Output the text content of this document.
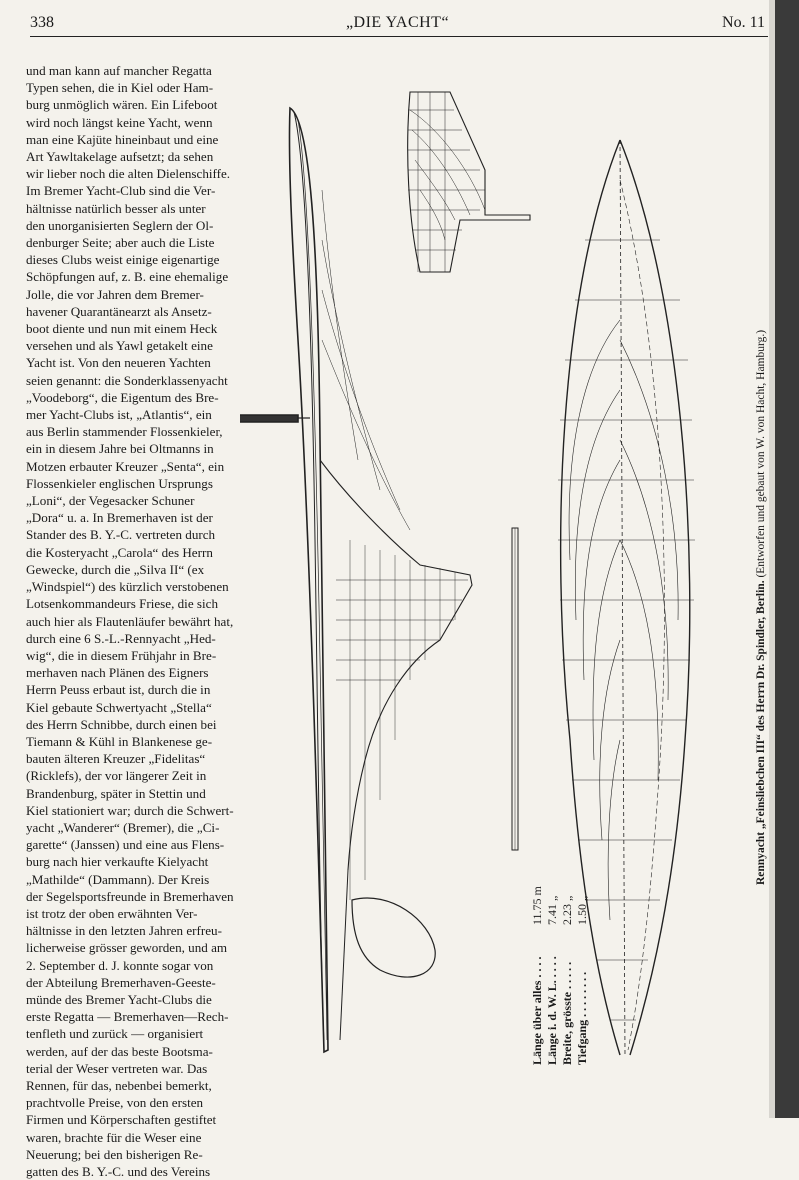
338	„DIE YACHT“	No. 11

und man kann auf mancher Regatta

Typen sehen, die in Kiel oder Ham-

burg unmöglich wären. Ein Lifeboot

wird noch längst keine Yacht, wenn

man eine Kajüte hineinbaut und eine

Art Yawltakelage aufsetzt; da sehen

wir lieber noch die alten Dielenschiffe.

Im Bremer Yacht-Club sind die Ver-

hältnisse natürlich besser als unter

den unorganisierten Seglern der Ol-

denburger Seite; aber auch die Liste

dieses Clubs weist einige eigenartige

Schöpfungen auf, z. B. eine ehemalige

Jolle, die vor Jahren dem Bremer-

havener Quarantänearzt als Ansetz-

boot diente und nun mit einem Heck

versehen und als Yawl getakelt eine

Yacht ist. Von den neueren Yachten

seien genannt: die Sonderklassenyacht

„Voodeborg“, die Eigentum des Bre-

mer Yacht-Clubs ist, „Atlantis“, ein

aus Berlin stammender Flossenkieler,

ein in diesem Jahre bei Oltmanns in

Motzen erbauter Kreuzer „Senta“, ein

Flossenkieler englischen Ursprungs

„Loni“, der Vegesacker Schuner

„Dora“ u. a. In Bremerhaven ist der

Stander des B. Y.-C. vertreten durch

die Kosteryacht „Carola“ des Herrn

Gewecke, durch die „Silva II“ (ex

„Windspiel“) des kürzlich verstobenen

Lotsenkommandeurs Friese, die sich

auch hier als Flautenläufer bewährt hat,

durch eine 6 S.-L.-Rennyacht „Hed-

wig“, die in diesem Frühjahr in Bre-

merhaven nach Plänen des Eigners

Herrn Peuss erbaut ist, durch die in

Kiel gebaute Schwertyacht „Stella“

des Herrn Schnibbe, durch einen bei

Tiemann & Kühl in Blankenese ge-

bauten älteren Kreuzer „Fidelitas“

(Ricklefs), der vor längerer Zeit in

Brandenburg, später in Stettin und

Kiel stationiert war; durch die Schwert-

yacht „Wanderer“ (Bremer), die „Ci-

garette“ (Janssen) und eine aus Flens-

burg nach hier verkaufte Kielyacht

„Mathilde“ (Dammann). Der Kreis

der Segelsportsfreunde in Bremerhaven

ist trotz der oben erwähnten Ver-

hältnisse in den letzten Jahren erfreu-

licherweise grösser geworden, und am

2. September d. J. konnte sogar von

der Abteilung Bremerhaven-Geeste-

münde des Bremer Yacht-Clubs die

erste Regatta — Bremerhaven—Rech-

tenfleth und zurück — organisiert

werden, auf der das beste Bootsma-

terial der Weser vertreten war. Das

Rennen, für das, nebenbei bemerkt,

prachtvolle Preise, von den ersten

Firmen und Körperschaften gestiftet

waren, brachte für die Weser eine

Neuerung; bei den bisherigen Re-

gatten des B. Y.-C. und des Vereins

Länge über alles . . . .11.75 m
Länge i. d. W. L. . . . .7.41 „
Breite, grösste . . . . .2.23 „
Tiefgang . . . . . . . .1.50 „
Rennyacht „Feinsliebchen III“ des Herrn Dr. Spindler, Berlin. (Entworfen und gebaut von W. von Hacht, Hamburg.)
